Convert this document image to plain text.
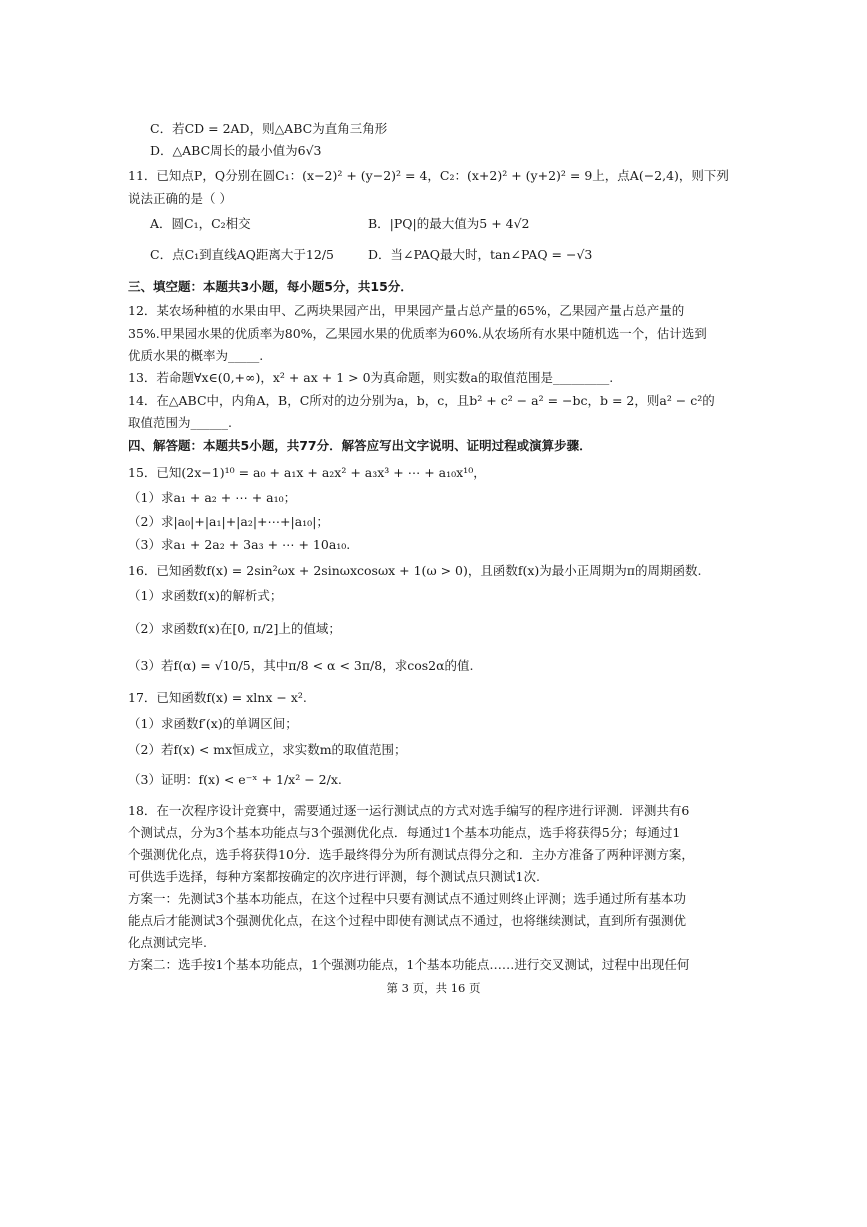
C．若CD = 2AD，则△ABC为直角三角形
D．△ABC周长的最小值为6√3
11．已知点P，Q分别在圆C₁：(x−2)² + (y−2)² = 4，C₂：(x+2)² + (y+2)² = 9上，点A(−2,4)，则下列
说法正确的是（ ）
A．圆C₁，C₂相交	B．|PQ|的最大值为5 + 4√2
C．点C₁到直线AQ距离大于12/5	D．当∠PAQ最大时，tan∠PAQ = −√3
三、填空题：本题共3小题，每小题5分，共15分．
12．某农场种植的水果由甲、乙两块果园产出，甲果园产量占总产量的65%，乙果园产量占总产量的
35%.甲果园水果的优质率为80%，乙果园水果的优质率为60%.从农场所有水果中随机选一个，估计选到
优质水果的概率为_____.
13．若命题∀x∈(0,+∞)，x² + ax + 1 > 0为真命题，则实数a的取值范围是_________.
14．在△ABC中，内角A，B，C所对的边分别为a，b，c，且b² + c² − a² = −bc，b = 2，则a² − c²的
取值范围为______.
四、解答题：本题共5小题，共77分．解答应写出文字说明、证明过程或演算步骤．
15．已知(2x−1)¹⁰ = a₀ + a₁x + a₂x² + a₃x³ + ⋯ + a₁₀x¹⁰，
（1）求a₁ + a₂ + ⋯ + a₁₀；
（2）求|a₀|+|a₁|+|a₂|+⋯+|a₁₀|；
（3）求a₁ + 2a₂ + 3a₃ + ⋯ + 10a₁₀.
16．已知函数f(x) = 2sin²ωx + 2sinωxcosωx + 1(ω > 0)，且函数f(x)为最小正周期为π的周期函数.
（1）求函数f(x)的解析式；
（2）求函数f(x)在[0, π/2]上的值域；
（3）若f(α) = √10/5，其中π/8 < α < 3π/8，求cos2α的值.
17．已知函数f(x) = xlnx − x².
（1）求函数f′(x)的单调区间；
（2）若f(x) < mx恒成立，求实数m的取值范围；
（3）证明：f(x) < e⁻ˣ + 1/x² − 2/x.
18．在一次程序设计竞赛中，需要通过逐一运行测试点的方式对选手编写的程序进行评测．评测共有6
个测试点，分为3个基本功能点与3个强测优化点．每通过1个基本功能点，选手将获得5分；每通过1
个强测优化点，选手将获得10分．选手最终得分为所有测试点得分之和．主办方准备了两种评测方案，
可供选手选择，每种方案都按确定的次序进行评测，每个测试点只测试1次.
方案一：先测试3个基本功能点，在这个过程中只要有测试点不通过则终止评测；选手通过所有基本功
能点后才能测试3个强测优化点，在这个过程中即使有测试点不通过，也将继续测试，直到所有强测优
化点测试完毕.
方案二：选手按1个基本功能点，1个强测功能点，1个基本功能点……进行交叉测试，过程中出现任何
第 3 页，共 16 页
